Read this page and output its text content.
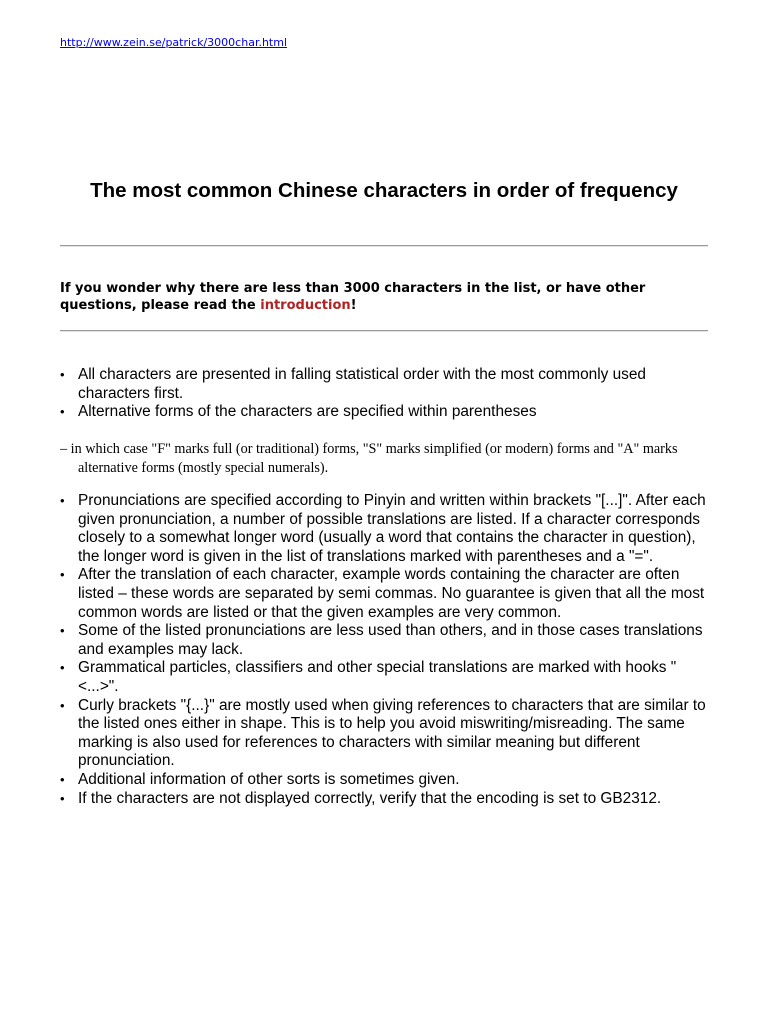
http://www.zein.se/patrick/3000char.html
The most common Chinese characters in order of frequency

If you wonder why there are less than 3000 characters in the list, or have other questions, please read the introduction!

• All characters are presented in falling statistical order with the most commonly used characters first.
• Alternative forms of the characters are specified within parentheses

– in which case "F" marks full (or traditional) forms, "S" marks simplified (or modern) forms and "A" marks alternative forms (mostly special numerals).

• Pronunciations are specified according to Pinyin and written within brackets "[...]". After each given pronunciation, a number of possible translations are listed. If a character corresponds closely to a somewhat longer word (usually a word that contains the character in question), the longer word is given in the list of translations marked with parentheses and a "=".
• After the translation of each character, example words containing the character are often listed – these words are separated by semi commas. No guarantee is given that all the most common words are listed or that the given examples are very common.
• Some of the listed pronunciations are less used than others, and in those cases translations and examples may lack.
• Grammatical particles, classifiers and other special translations are marked with hooks "<...>".
• Curly brackets "{...}" are mostly used when giving references to characters that are similar to the listed ones either in shape. This is to help you avoid miswriting/misreading. The same marking is also used for references to characters with similar meaning but different pronunciation.
• Additional information of other sorts is sometimes given.
• If the characters are not displayed correctly, verify that the encoding is set to GB2312.
